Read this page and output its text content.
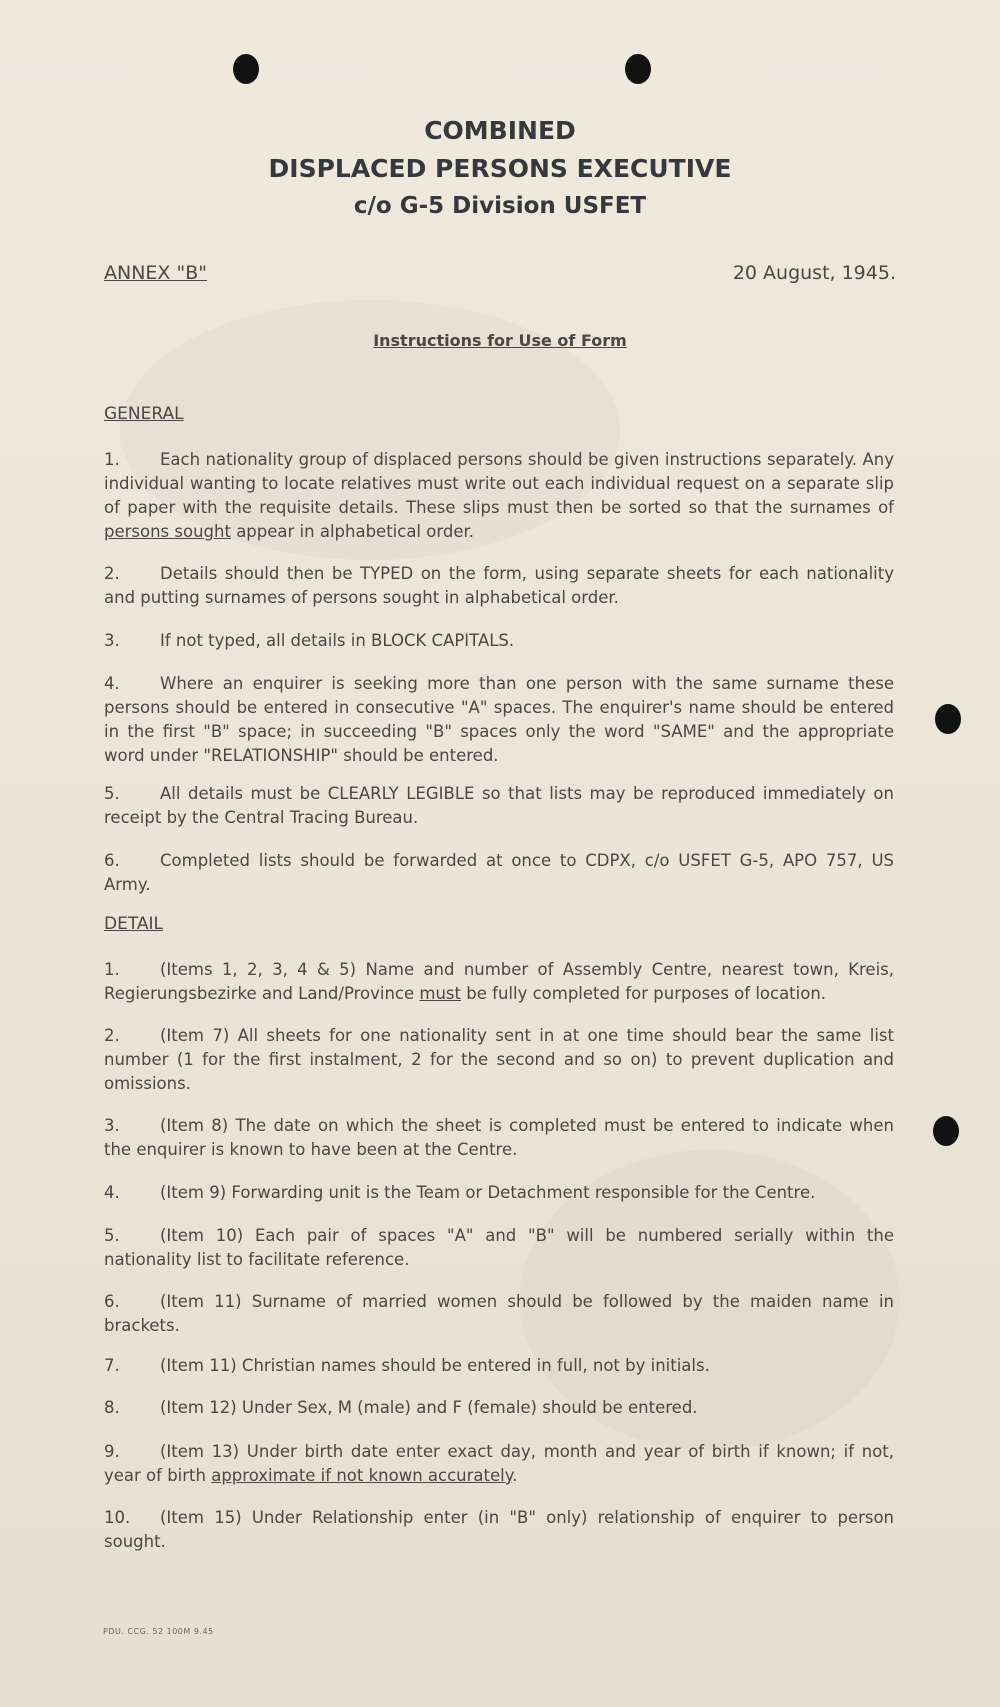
COMBINED
DISPLACED PERSONS EXECUTIVE
c/o G-5 Division USFET
ANNEX "B"	20 August, 1945.
Instructions for Use of Form
GENERAL
1. Each nationality group of displaced persons should be given instructions separately. Any individual wanting to locate relatives must write out each individual request on a separate slip of paper with the requisite details. These slips must then be sorted so that the surnames of persons sought appear in alphabetical order.
2. Details should then be TYPED on the form, using separate sheets for each nationality and putting surnames of persons sought in alphabetical order.
3. If not typed, all details in BLOCK CAPITALS.
4. Where an enquirer is seeking more than one person with the same surname these persons should be entered in consecutive "A" spaces. The enquirer's name should be entered in the first "B" space; in succeeding "B" spaces only the word "SAME" and the appropriate word under "RELATIONSHIP" should be entered.
5. All details must be CLEARLY LEGIBLE so that lists may be reproduced immediately on receipt by the Central Tracing Bureau.
6. Completed lists should be forwarded at once to CDPX, c/o USFET G-5, APO 757, US Army.
DETAIL
1. (Items 1, 2, 3, 4 & 5) Name and number of Assembly Centre, nearest town, Kreis, Regierungsbezirke and Land/Province must be fully completed for purposes of location.
2. (Item 7) All sheets for one nationality sent in at one time should bear the same list number (1 for the first instalment, 2 for the second and so on) to prevent duplication and omissions.
3. (Item 8) The date on which the sheet is completed must be entered to indicate when the enquirer is known to have been at the Centre.
4. (Item 9) Forwarding unit is the Team or Detachment responsible for the Centre.
5. (Item 10) Each pair of spaces "A" and "B" will be numbered serially within the nationality list to facilitate reference.
6. (Item 11) Surname of married women should be followed by the maiden name in brackets.
7. (Item 11) Christian names should be entered in full, not by initials.
8. (Item 12) Under Sex, M (male) and F (female) should be entered.
9. (Item 13) Under birth date enter exact day, month and year of birth if known; if not, year of birth approximate if not known accurately.
10. (Item 15) Under Relationship enter (in "B" only) relationship of enquirer to person sought.
PDU. CCG. 52 100M 9.45
